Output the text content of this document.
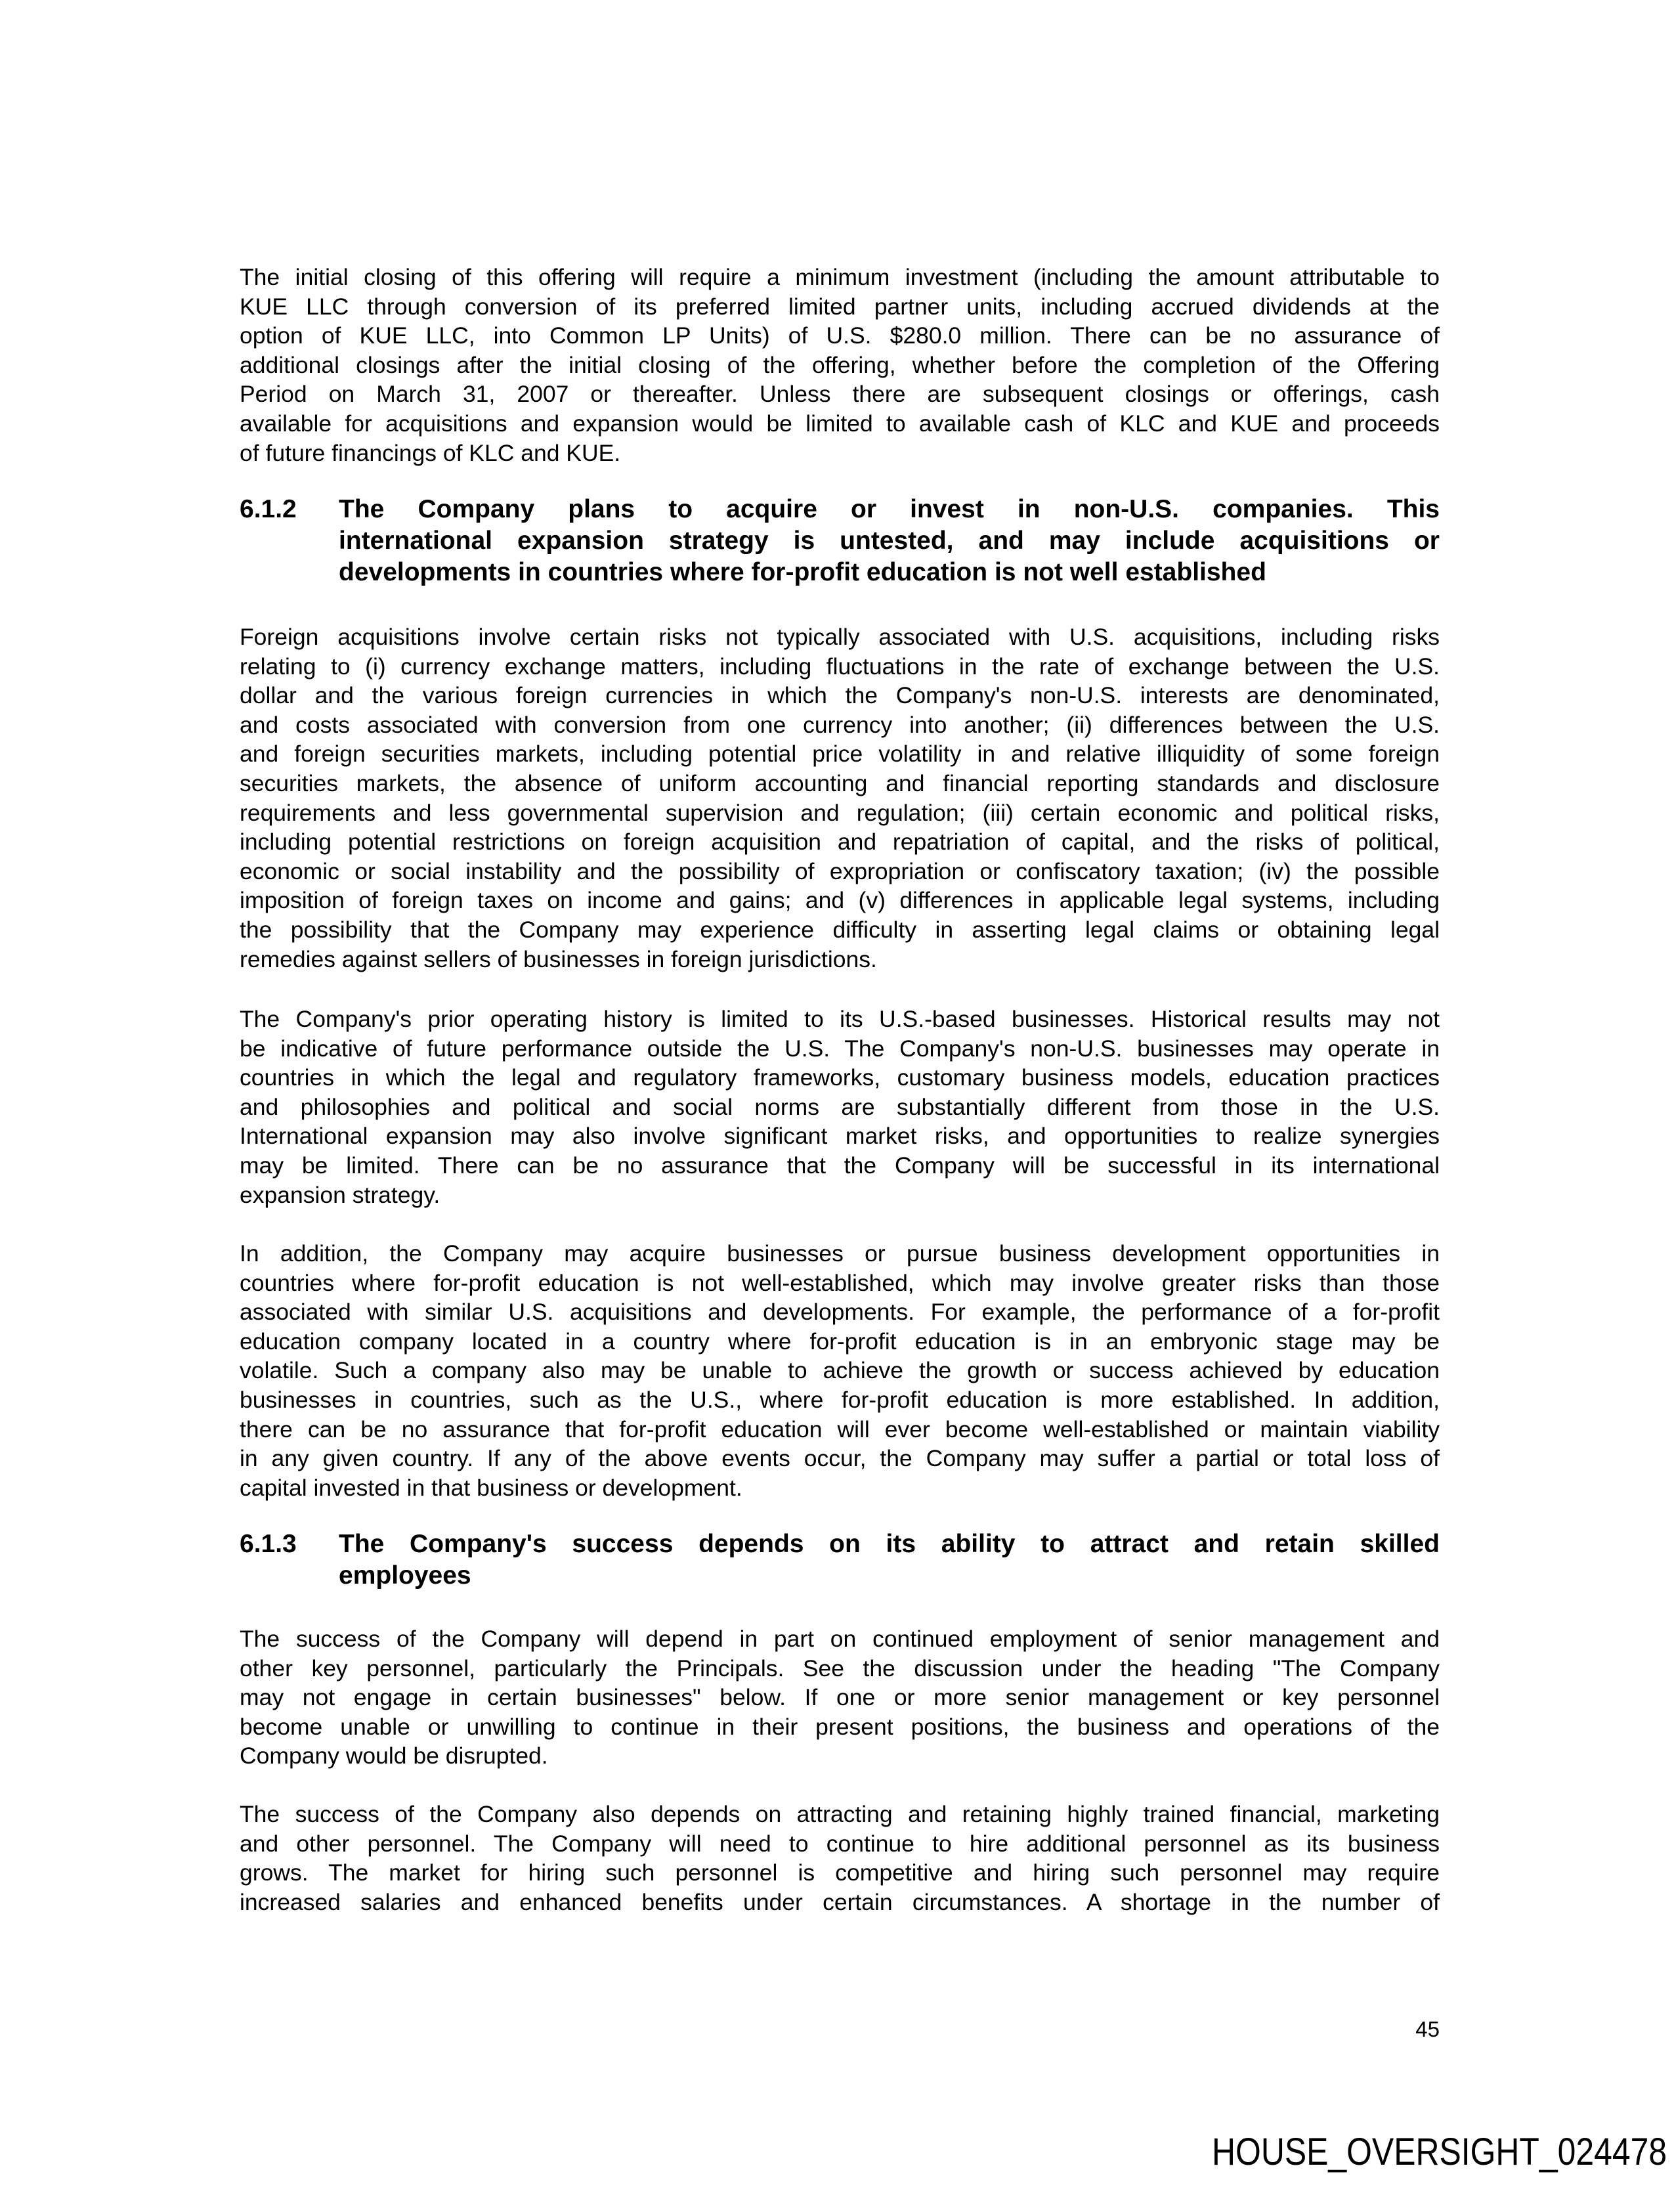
The initial closing of this offering will require a minimum investment (including the amount attributable to
KUE LLC through conversion of its preferred limited partner units, including accrued dividends at the
option of KUE LLC, into Common LP Units) of U.S. $280.0 million. There can be no assurance of
additional closings after the initial closing of the offering, whether before the completion of the Offering
Period on March 31, 2007 or thereafter. Unless there are subsequent closings or offerings, cash
available for acquisitions and expansion would be limited to available cash of KLC and KUE and proceeds
of future financings of KLC and KUE.
6.1.2 The Company plans to acquire or invest in non-U.S. companies. This
international expansion strategy is untested, and may include acquisitions or
developments in countries where for-profit education is not well established
Foreign acquisitions involve certain risks not typically associated with U.S. acquisitions, including risks
relating to (i) currency exchange matters, including fluctuations in the rate of exchange between the U.S.
dollar and the various foreign currencies in which the Company's non-U.S. interests are denominated,
and costs associated with conversion from one currency into another; (ii) differences between the U.S.
and foreign securities markets, including potential price volatility in and relative illiquidity of some foreign
securities markets, the absence of uniform accounting and financial reporting standards and disclosure
requirements and less governmental supervision and regulation; (iii) certain economic and political risks,
including potential restrictions on foreign acquisition and repatriation of capital, and the risks of political,
economic or social instability and the possibility of expropriation or confiscatory taxation; (iv) the possible
imposition of foreign taxes on income and gains; and (v) differences in applicable legal systems, including
the possibility that the Company may experience difficulty in asserting legal claims or obtaining legal
remedies against sellers of businesses in foreign jurisdictions.
The Company's prior operating history is limited to its U.S.-based businesses. Historical results may not
be indicative of future performance outside the U.S. The Company's non-U.S. businesses may operate in
countries in which the legal and regulatory frameworks, customary business models, education practices
and philosophies and political and social norms are substantially different from those in the U.S.
International expansion may also involve significant market risks, and opportunities to realize synergies
may be limited. There can be no assurance that the Company will be successful in its international
expansion strategy.
In addition, the Company may acquire businesses or pursue business development opportunities in
countries where for-profit education is not well-established, which may involve greater risks than those
associated with similar U.S. acquisitions and developments. For example, the performance of a for-profit
education company located in a country where for-profit education is in an embryonic stage may be
volatile. Such a company also may be unable to achieve the growth or success achieved by education
businesses in countries, such as the U.S., where for-profit education is more established. In addition,
there can be no assurance that for-profit education will ever become well-established or maintain viability
in any given country. If any of the above events occur, the Company may suffer a partial or total loss of
capital invested in that business or development.
6.1.3 The Company's success depends on its ability to attract and retain skilled
employees
The success of the Company will depend in part on continued employment of senior management and
other key personnel, particularly the Principals. See the discussion under the heading "The Company
may not engage in certain businesses" below. If one or more senior management or key personnel
become unable or unwilling to continue in their present positions, the business and operations of the
Company would be disrupted.
The success of the Company also depends on attracting and retaining highly trained financial, marketing
and other personnel. The Company will need to continue to hire additional personnel as its business
grows. The market for hiring such personnel is competitive and hiring such personnel may require
increased salaries and enhanced benefits under certain circumstances. A shortage in the number of
45
HOUSE_OVERSIGHT_024478
